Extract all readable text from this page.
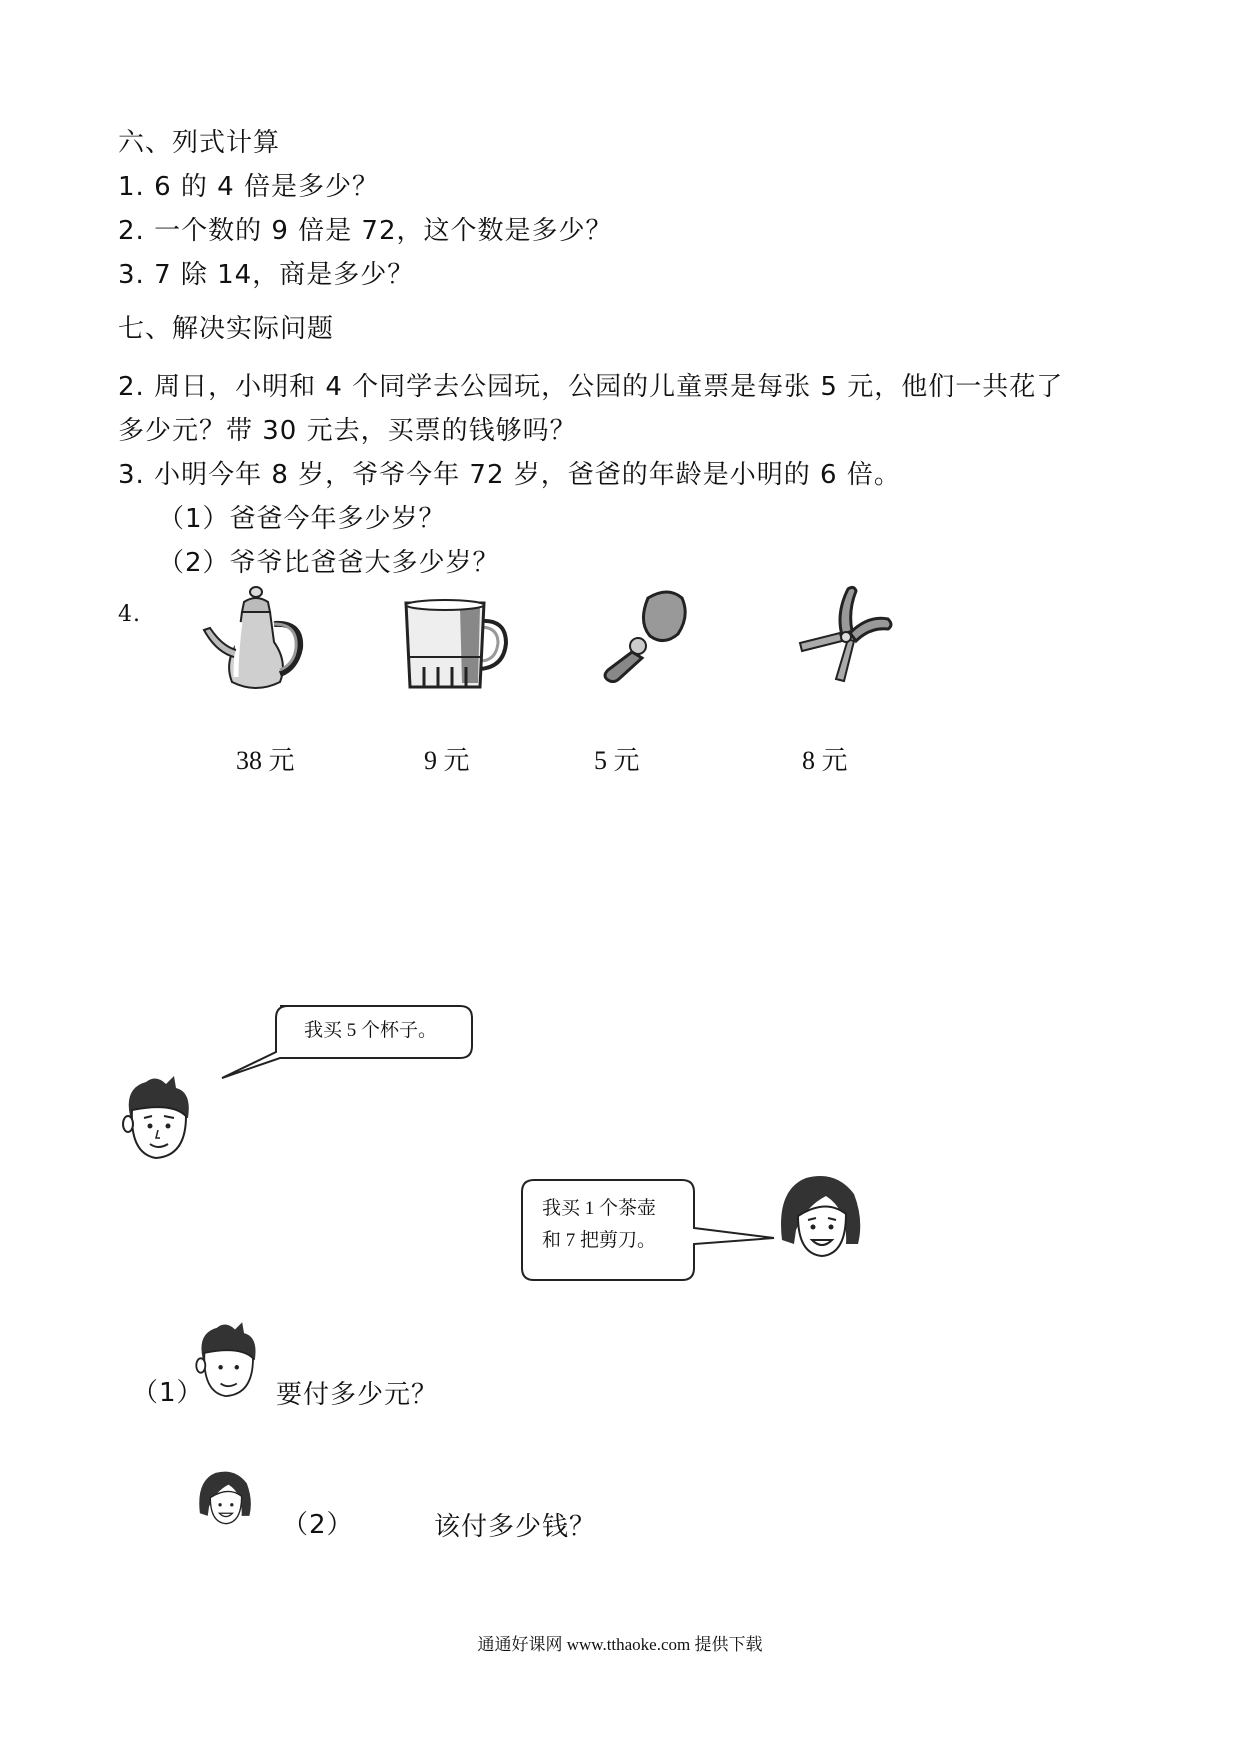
六、列式计算
1. 6 的 4 倍是多少？
2. 一个数的 9 倍是 72，这个数是多少？
3. 7 除 14，商是多少？
七、解决实际问题
2. 周日，小明和 4 个同学去公园玩，公园的儿童票是每张 5 元，他们一共花了
多少元？带 30 元去，买票的钱够吗？
3. 小明今年 8 岁，爷爷今年 72 岁，爸爸的年龄是小明的 6 倍。
（1）爸爸今年多少岁？
（2）爷爷比爸爸大多少岁？
4.
38 元	9 元	5 元	8 元
我买 5 个杯子。
我买 1 个茶壶
和 7 把剪刀。
（1）	要付多少元？
（2）	该付多少钱？
通通好课网 www.tthaoke.com 提供下载
